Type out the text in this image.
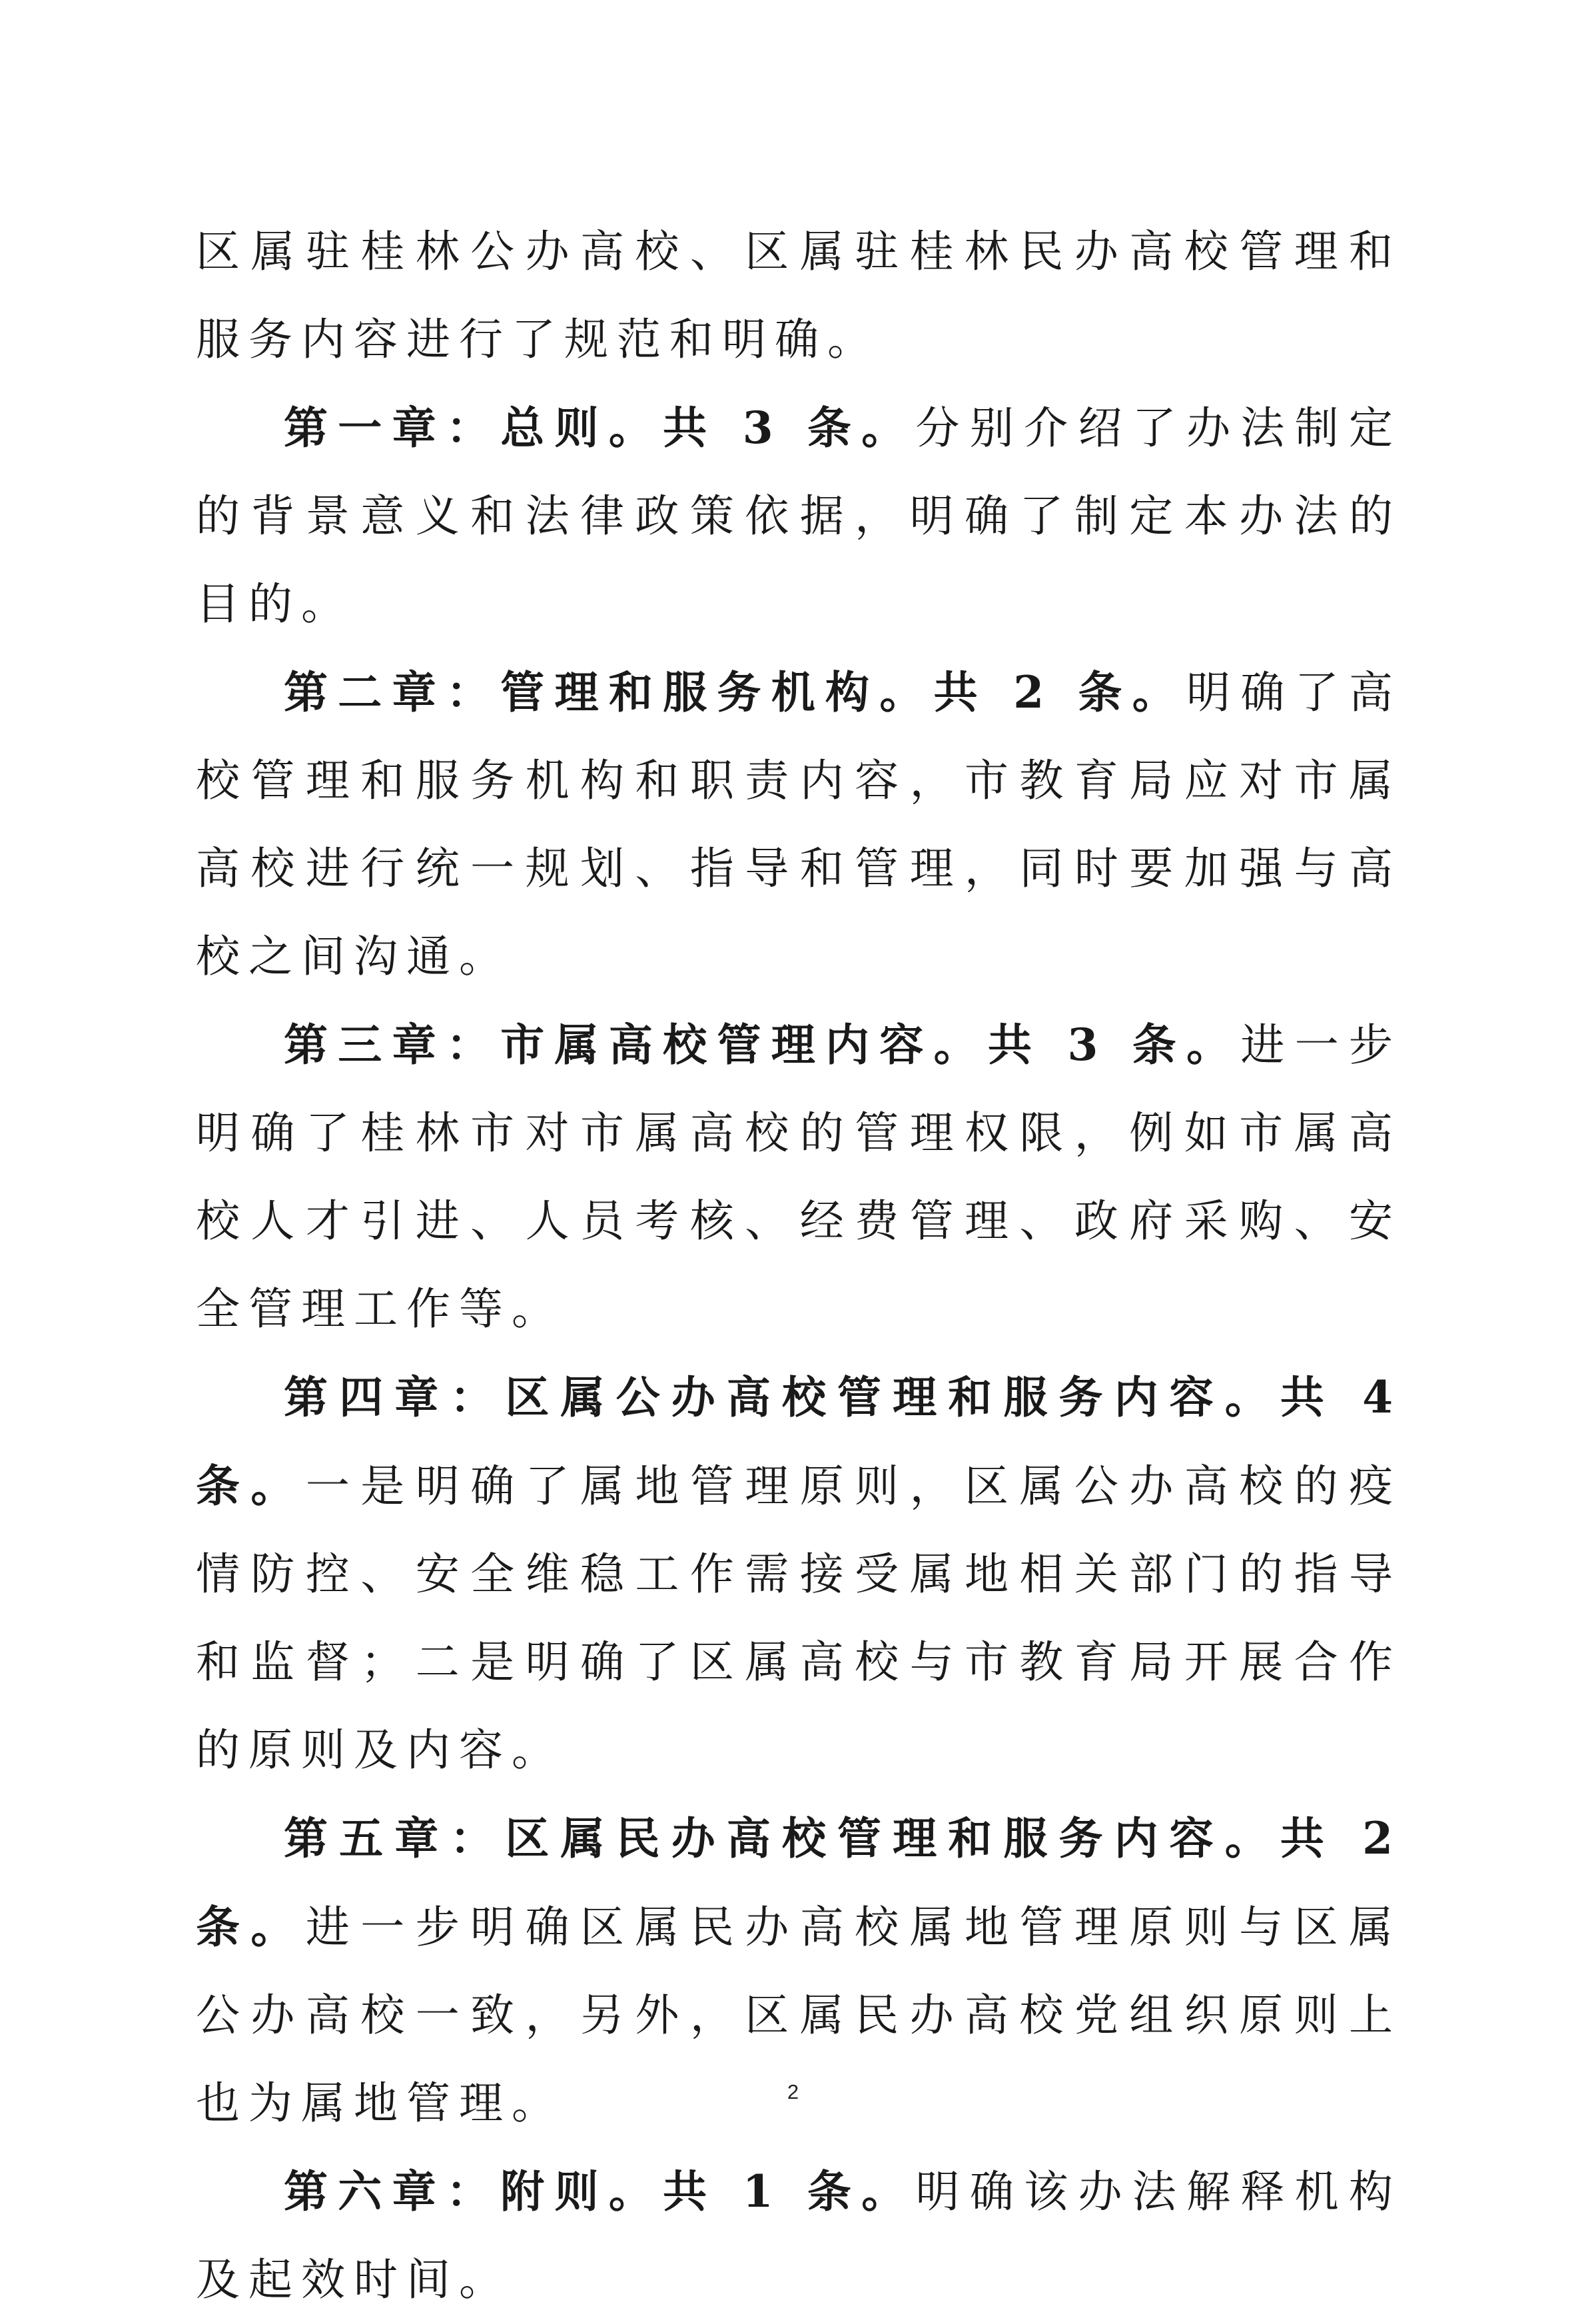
区属驻桂林公办高校、区属驻桂林民办高校管理和服务内容进行了规范和明确。

第一章：总则。共 3 条。分别介绍了办法制定的背景意义和法律政策依据，明确了制定本办法的目的。

第二章：管理和服务机构。共 2 条。明确了高校管理和服务机构和职责内容，市教育局应对市属高校进行统一规划、指导和管理，同时要加强与高校之间沟通。

第三章：市属高校管理内容。共 3 条。进一步明确了桂林市对市属高校的管理权限，例如市属高校人才引进、人员考核、经费管理、政府采购、安全管理工作等。

第四章：区属公办高校管理和服务内容。共 4 条。一是明确了属地管理原则，区属公办高校的疫情防控、安全维稳工作需接受属地相关部门的指导和监督；二是明确了区属高校与市教育局开展合作的原则及内容。

第五章：区属民办高校管理和服务内容。共 2 条。进一步明确区属民办高校属地管理原则与区属公办高校一致，另外，区属民办高校党组织原则上也为属地管理。

第六章：附则。共 1 条。明确该办法解释机构及起效时间。

2
